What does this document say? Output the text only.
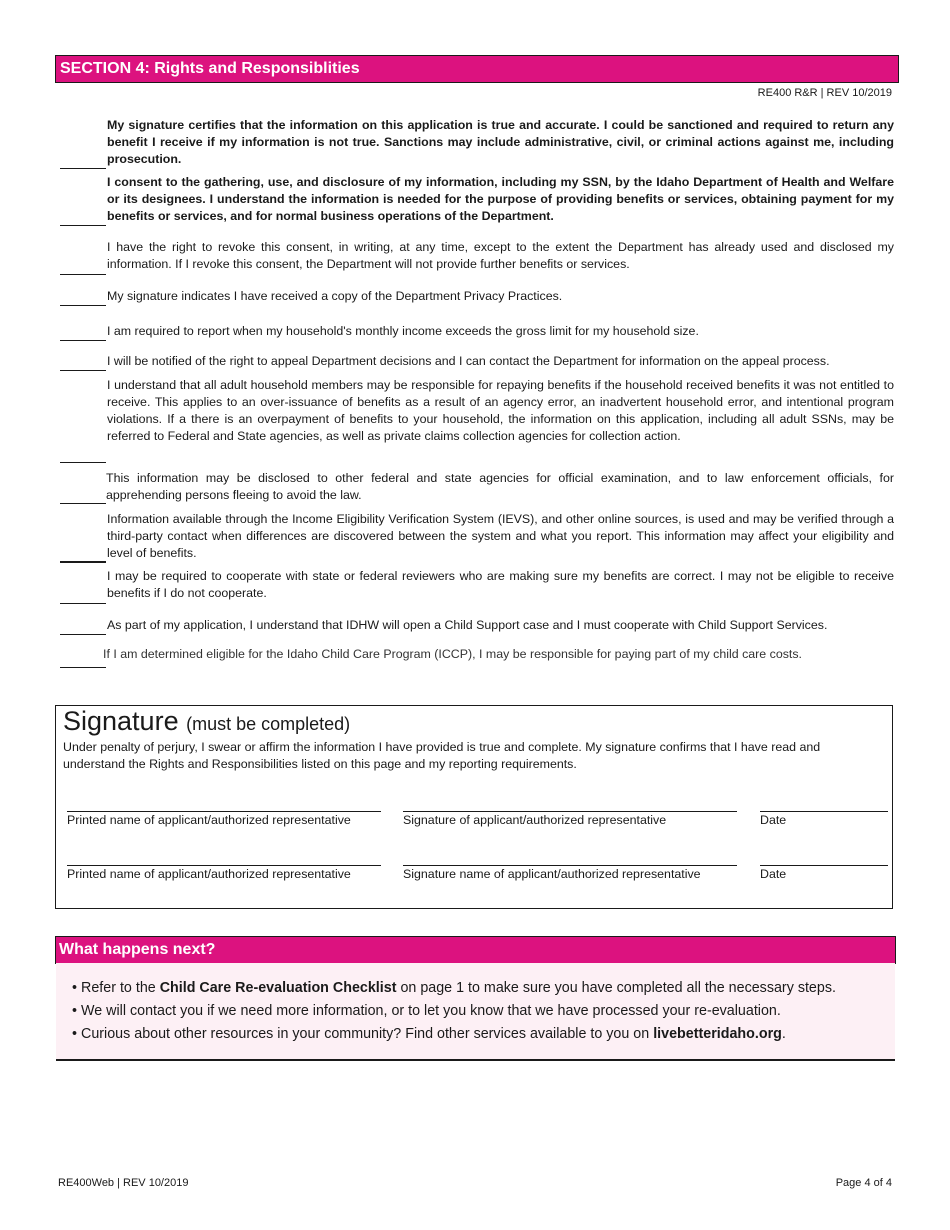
SECTION 4: Rights and Responsiblities
RE400 R&R | REV 10/2019
My signature certifies that the information on this application is true and accurate. I could be sanctioned and required to return any benefit I receive if my information is not true. Sanctions may include administrative, civil, or criminal actions against me, including prosecution.
I consent to the gathering, use, and disclosure of my information, including my SSN, by the Idaho Department of Health and Welfare or its designees. I understand the information is needed for the purpose of providing benefits or services, obtaining payment for my benefits or services, and for normal business operations of the Department.
I have the right to revoke this consent, in writing, at any time, except to the extent the Department has already used and disclosed my information. If I revoke this consent, the Department will not provide further benefits or services.
My signature indicates I have received a copy of the Department Privacy Practices.
I am required to report when my household's monthly income exceeds the gross limit for my household size.
I will be notified of the right to appeal Department decisions and I can contact the Department for information on the appeal process.
I understand that all adult household members may be responsible for repaying benefits if the household received benefits it was not entitled to receive. This applies to an over-issuance of benefits as a result of an agency error, an inadvertent household error, and intentional program violations. If a there is an overpayment of benefits to your household, the information on this application, including all adult SSNs, may be referred to Federal and State agencies, as well as private claims collection agencies for collection action.
This information may be disclosed to other federal and state agencies for official examination, and to law enforcement officials, for apprehending persons fleeing to avoid the law.
Information available through the Income Eligibility Verification System (IEVS), and other online sources, is used and may be verified through a third-party contact when differences are discovered between the system and what you report. This information may affect your eligibility and level of benefits.
I may be required to cooperate with state or federal reviewers who are making sure my benefits are correct. I may not be eligible to receive benefits if I do not cooperate.
As part of my application, I understand that IDHW will open a Child Support case and I must cooperate with Child Support Services.
If I am determined eligible for the Idaho Child Care Program (ICCP), I may be responsible for paying part of my child care costs.
Signature (must be completed)
Under penalty of perjury, I swear or affirm the information I have provided is true and complete. My signature confirms that I have read and understand the Rights and Responsibilities listed on this page and my reporting requirements.
Printed name of applicant/authorized representative	Signature of applicant/authorized representative	Date
Printed name of applicant/authorized representative	Signature name of applicant/authorized representative	Date
What happens next?
• Refer to the Child Care Re-evaluation Checklist on page 1 to make sure you have completed all the necessary steps.
• We will contact you if we need more information, or to let you know that we have processed your re-evaluation.
• Curious about other resources in your community? Find other services available to you on livebetteridaho.org.
RE400Web | REV 10/2019	Page 4 of 4
